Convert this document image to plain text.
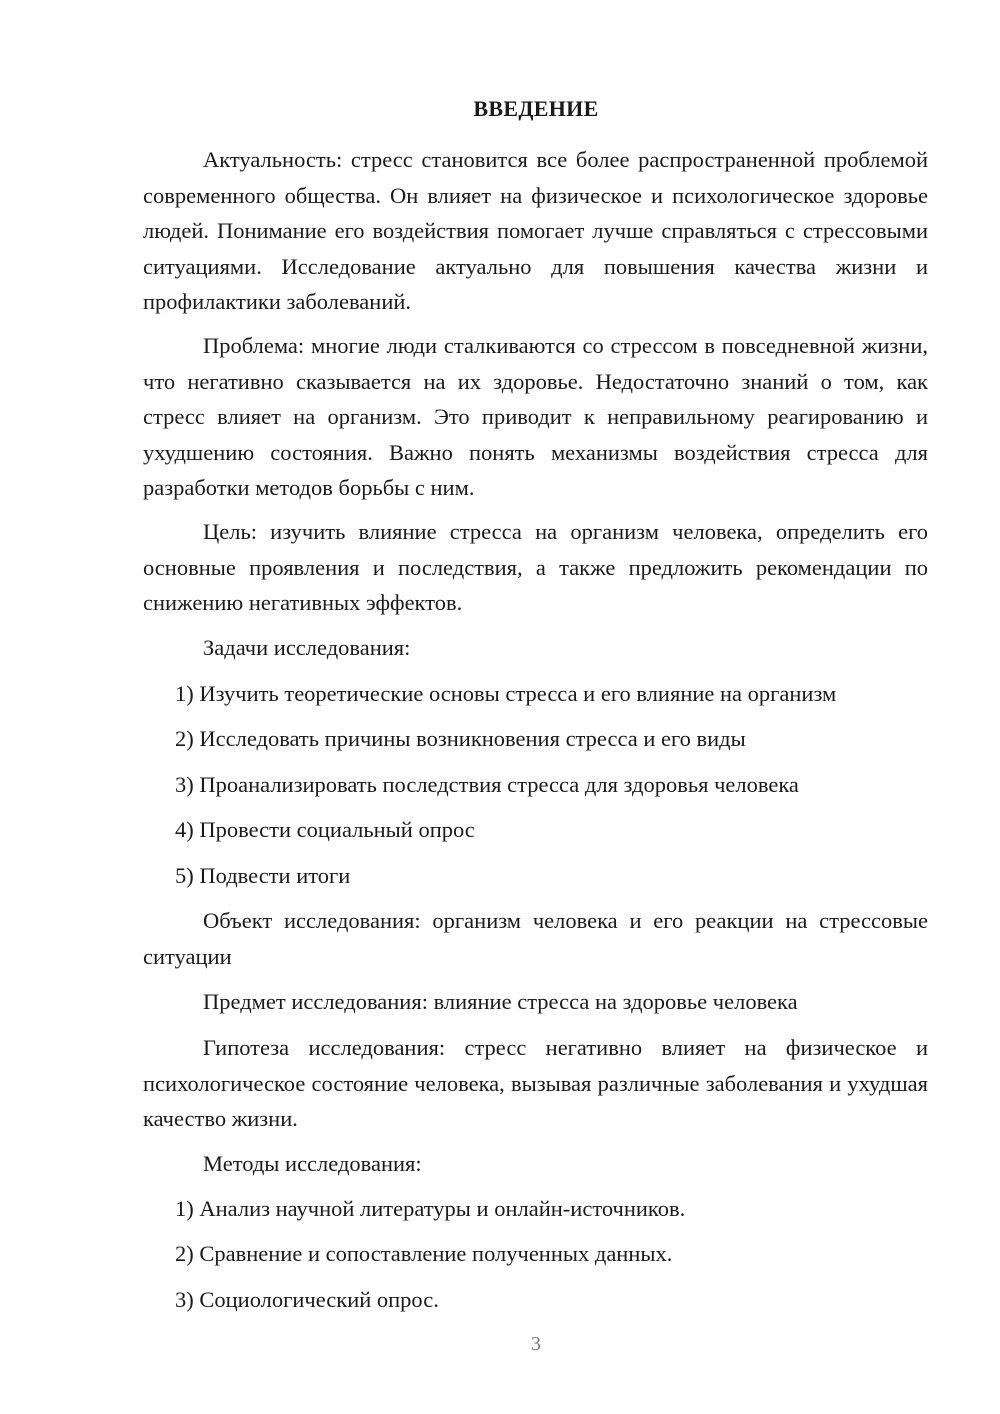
ВВЕДЕНИЕ

Актуальность: стресс становится все более распространенной проблемой современного общества. Он влияет на физическое и психологическое здоровье людей. Понимание его воздействия помогает лучше справляться с стрессовыми ситуациями. Исследование актуально для повышения качества жизни и профилактики заболеваний.

Проблема: многие люди сталкиваются со стрессом в повседневной жизни, что негативно сказывается на их здоровье. Недостаточно знаний о том, как стресс влияет на организм. Это приводит к неправильному реагированию и ухудшению состояния. Важно понять механизмы воздействия стресса для разработки методов борьбы с ним.

Цель: изучить влияние стресса на организм человека, определить его основные проявления и последствия, а также предложить рекомендации по снижению негативных эффектов.

Задачи исследования:

1) Изучить теоретические основы стресса и его влияние на организм
2) Исследовать причины возникновения стресса и его виды
3) Проанализировать последствия стресса для здоровья человека
4) Провести социальный опрос
5) Подвести итоги

Объект исследования: организм человека и его реакции на стрессовые ситуации

Предмет исследования: влияние стресса на здоровье человека

Гипотеза исследования: стресс негативно влияет на физическое и психологическое состояние человека, вызывая различные заболевания и ухудшая качество жизни.

Методы исследования:

1) Анализ научной литературы и онлайн-источников.
2) Сравнение и сопоставление полученных данных.
3) Социологический опрос.
3
